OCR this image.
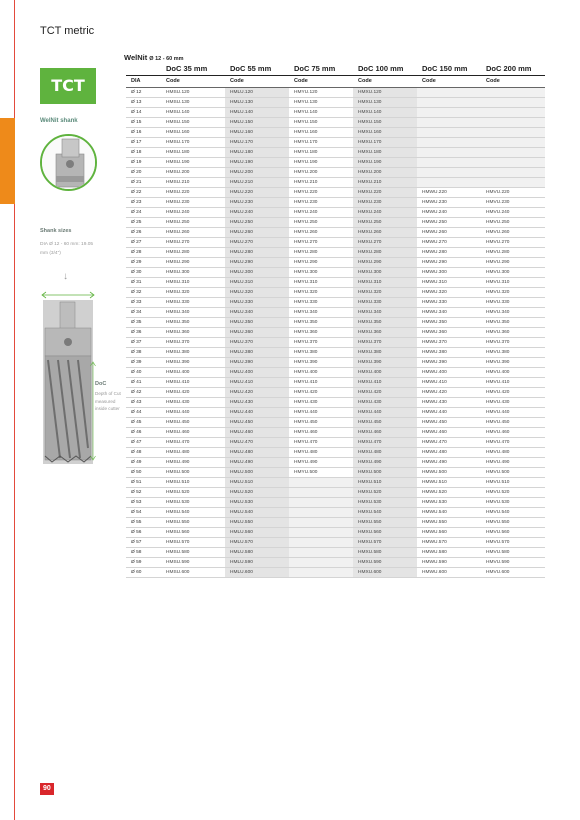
TCT metric
TCT
WelNit shank
Shank sizes
DIA Ø 12 - 60 mm: 19.05 mm (3/4")
↓
DoC
Depth of Cut measured inside cutter
WelNit Ø 12 - 60 mm
	DoC 35 mm	DoC 55 mm	DoC 75 mm	DoC 100 mm	DoC 150 mm	DoC 200 mm
DIA	Code	Code	Code	Code	Code	Code
Ø 12	HMSU.120	HMLU.120	HMYU.120	HMXU.120		
Ø 13	HMSU.130	HMLU.130	HMYU.130	HMXU.130		
Ø 14	HMSU.140	HMLU.140	HMYU.140	HMXU.140		
Ø 15	HMSU.150	HMLU.150	HMYU.150	HMXU.150		
Ø 16	HMSU.160	HMLU.160	HMYU.160	HMXU.160		
Ø 17	HMSU.170	HMLU.170	HMYU.170	HMXU.170		
Ø 18	HMSU.180	HMLU.180	HMYU.180	HMXU.180		
Ø 19	HMSU.190	HMLU.190	HMYU.190	HMXU.190		
Ø 20	HMSU.200	HMLU.200	HMYU.200	HMXU.200		
Ø 21	HMSU.210	HMLU.210	HMYU.210	HMXU.210		
Ø 22	HMSU.220	HMLU.220	HMYU.220	HMXU.220	HMWU.220	HMVU.220
Ø 23	HMSU.230	HMLU.230	HMYU.230	HMXU.230	HMWU.230	HMVU.230
Ø 24	HMSU.240	HMLU.240	HMYU.240	HMXU.240	HMWU.240	HMVU.240
Ø 25	HMSU.250	HMLU.250	HMYU.250	HMXU.250	HMWU.250	HMVU.250
Ø 26	HMSU.260	HMLU.260	HMYU.260	HMXU.260	HMWU.260	HMVU.260
Ø 27	HMSU.270	HMLU.270	HMYU.270	HMXU.270	HMWU.270	HMVU.270
Ø 28	HMSU.280	HMLU.280	HMYU.280	HMXU.280	HMWU.280	HMVU.280
Ø 29	HMSU.290	HMLU.290	HMYU.290	HMXU.290	HMWU.290	HMVU.290
Ø 30	HMSU.300	HMLU.300	HMYU.300	HMXU.300	HMWU.300	HMVU.300
Ø 31	HMSU.310	HMLU.310	HMYU.310	HMXU.310	HMWU.310	HMVU.310
Ø 32	HMSU.320	HMLU.320	HMYU.320	HMXU.320	HMWU.320	HMVU.320
Ø 33	HMSU.330	HMLU.330	HMYU.330	HMXU.330	HMWU.330	HMVU.330
Ø 34	HMSU.340	HMLU.340	HMYU.340	HMXU.340	HMWU.340	HMVU.340
Ø 35	HMSU.350	HMLU.350	HMYU.350	HMXU.350	HMWU.350	HMVU.350
Ø 36	HMSU.360	HMLU.360	HMYU.360	HMXU.360	HMWU.360	HMVU.360
Ø 37	HMSU.370	HMLU.370	HMYU.370	HMXU.370	HMWU.370	HMVU.370
Ø 38	HMSU.380	HMLU.380	HMYU.380	HMXU.380	HMWU.380	HMVU.380
Ø 39	HMSU.390	HMLU.390	HMYU.390	HMXU.390	HMWU.390	HMVU.390
Ø 40	HMSU.400	HMLU.400	HMYU.400	HMXU.400	HMWU.400	HMVU.400
Ø 41	HMSU.410	HMLU.410	HMYU.410	HMXU.410	HMWU.410	HMVU.410
Ø 42	HMSU.420	HMLU.420	HMYU.420	HMXU.420	HMWU.420	HMVU.420
Ø 43	HMSU.430	HMLU.430	HMYU.430	HMXU.430	HMWU.430	HMVU.430
Ø 44	HMSU.440	HMLU.440	HMYU.440	HMXU.440	HMWU.440	HMVU.440
Ø 45	HMSU.450	HMLU.450	HMYU.450	HMXU.450	HMWU.450	HMVU.450
Ø 46	HMSU.460	HMLU.460	HMYU.460	HMXU.460	HMWU.460	HMVU.460
Ø 47	HMSU.470	HMLU.470	HMYU.470	HMXU.470	HMWU.470	HMVU.470
Ø 48	HMSU.480	HMLU.480	HMYU.480	HMXU.480	HMWU.480	HMVU.480
Ø 49	HMSU.490	HMLU.490	HMYU.490	HMXU.490	HMWU.490	HMVU.490
Ø 50	HMSU.500	HMLU.500	HMYU.500	HMXU.500	HMWU.500	HMVU.500
Ø 51	HMSU.510	HMLU.510		HMXU.510	HMWU.510	HMVU.510
Ø 52	HMSU.520	HMLU.520		HMXU.520	HMWU.520	HMVU.520
Ø 53	HMSU.530	HMLU.530		HMXU.530	HMWU.530	HMVU.530
Ø 54	HMSU.540	HMLU.540		HMXU.540	HMWU.540	HMVU.540
Ø 55	HMSU.550	HMLU.550		HMXU.550	HMWU.550	HMVU.550
Ø 56	HMSU.560	HMLU.560		HMXU.560	HMWU.560	HMVU.560
Ø 57	HMSU.570	HMLU.570		HMXU.570	HMWU.570	HMVU.570
Ø 58	HMSU.580	HMLU.580		HMXU.580	HMWU.580	HMVU.580
Ø 59	HMSU.590	HMLU.590		HMXU.590	HMWU.590	HMVU.590
Ø 60	HMSU.600	HMLU.600		HMXU.600	HMWU.600	HMVU.600
90
